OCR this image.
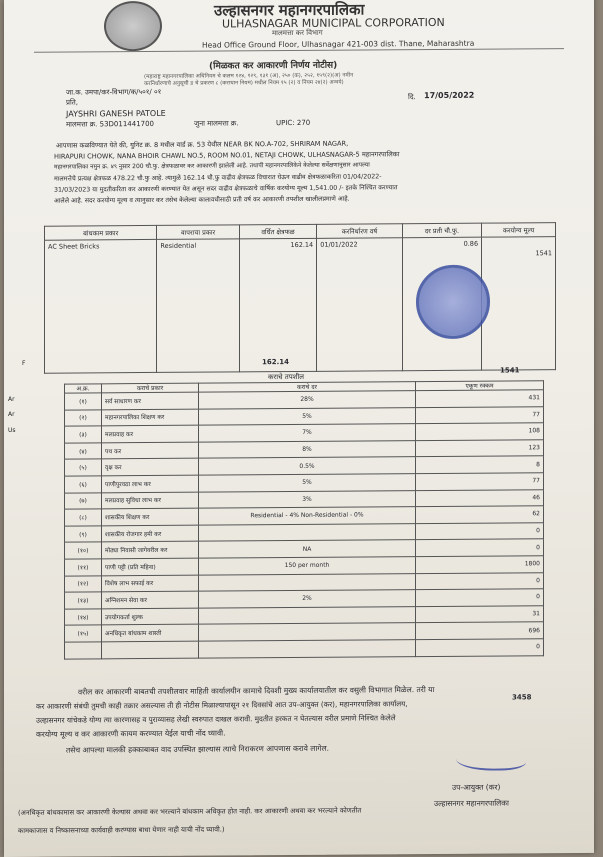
उल्हासनगर महानगरपालिका
ULHASNAGAR MUNICIPAL CORPORATION
मालमत्ता कर विभाग
Head Office Ground Floor, Ulhasnagar 421-003 dist. Thane, Maharashtra
(मिळकत कर आकारणी निर्णय नोटीस)
(महाराष्ट्र महानगरपालिका अधिनियम चे कलम १२४, १२९, १३१ (अ), २५० (क), २५२, १५९(२)(अ) नमीन
करनिर्धारणाचे अनुसूची ड चे प्रकरण ८ (कराधान नियम) मधील नियम १५ (२) व नियम २४(२) अन्वये)
जा.क. उमपा/कर-विभाग/क/५०१/ ०१
प्रति,
दि. 17/05/2022
JAYSHRI GANESH PATOLE
मालमत्ता क्र. 53D011441700	जुना मालमत्ता क्र.	UPIC: 270
आपणास कळविण्यात येते की, युनिट क्र. 8 मधील वार्ड क्र. 53 येथील NEAR BK NO.A-702, SHRIRAM NAGAR,
HIRAPURI CHOWK, NANA BHOIR CHAWL NO.5, ROOM NO.01, NETAJI CHOWK, ULHASNAGAR-5 महानगरपालिका
महानगरपालिका नमुन क्र. ४९ नुसार 200 चौ.फु. क्षेत्रफळावर कर आकारणी झालेली आहे. तथापी महानगरपालिकेने केलेल्या सर्वेक्षणानुसार आपल्या
मालमत्तेचे प्रत्यक्ष क्षेत्रफळ 478.22 चौ.फु आहे. त्यामुळे 162.14 चौ.फु वाढीव क्षेत्रफळ विचारात घेऊन वाढीव क्षेत्रफळाकरिता 01/04/2022-
31/03/2023 या मुदतीकरिता कर आकारणी करण्यात येत असून सदर वाढीव क्षेत्रफळाचे वार्षिक करयोग्य मूल्य 1,541.00 /- इतके निश्चित करण्यात
आलेले आहे. सदर करयोग्य मूल्य व त्यानुसार कर तसेच केलेल्या कालावधीसाठी प्रती वर्ष कर आकारणी तपशील खालीलप्रमाणे आहे.
बांधकाम प्रकार	वापराचा प्रकार	वर्धित क्षेत्रफळ	करनिर्धारण वर्ष	दर प्रती चौ.फु.	करयोग्य मूल्य
AC Sheet Bricks	Residential	162.14	01/01/2022	0.86	1541
162.14
1541
कराचे तपशील
अ.क्र.	कराचे प्रकार	कराचे दर	एकूण रक्कम
(१)	सर्व साधारण कर	28%	431
(२)	महानगरपालिका शिक्षण कर	5%	77
(३)	मलप्रवाह कर	7%	108
(४)	पथ कर	8%	123
(५)	वृक्ष कर	0.5%	8
(६)	पाणीपुरवठा लाभ कर	5%	77
(७)	मलप्रवाह सुविधा लाभ कर	3%	46
(८)	शासकीय शिक्षण कर	Residential - 4% Non-Residential - 0%	62
(९)	शासकीय रोजगार हमी कर		0
(१०)	मोठ्या निवासी जागेवरील कर	NA	0
(११)	पाणी पट्टी (प्रति महिना)	150 per month	1800
(१२)	विशेष लाभ सफाई कर		0
(१३)	अग्निशमन सेवा कर	2%	0
(१४)	उपयोगकर्ता शुल्क		31
(१५)	अनधिकृत बांधकाम शास्ती		696
			0
3458
वरील कर आकारणी बाबतची तपशीलवार माहिती कार्यालयीन कामाचे दिवशी मुख्य कार्यालयातील कर वसुली विभागात मिळेल. तरी या
कर आकारणी संबंधी तुमची काही तक्रार असल्यास ती ही नोटीस मिळाल्यापासून २१ दिवसांचे आत उप-आयुक्त (कर), महानगरपालिका कार्यालय,
उल्हासनगर यांचेकडे योग्य त्या कारणासह व पुराव्यासह लेखी स्वरुपात दाखल करावी. मुदतीत हरकत न घेतल्यास वरील प्रमाणे निश्चित केलेले
करयोग्य मूल्य व कर आकारणी कायम करण्यात येईल याची नोंद घ्यावी.
तसेच आपल्या मालकी हक्काबाबत वाद उपस्थित झाल्यास त्याचे निराकरण आपणास करावे लागेल.
उप-आयुक्त (कर)
उल्हासनगर महानगरपालिका
(अनधिकृत बांधकामास कर आकारणी केल्यास अथवा कर भरल्याने बांधकाम अधिकृत होत नाही. कर आकारणी अथवा कर भरल्याने कोणतीत
कामकाजास व निष्कासनाच्या कार्यवाही करण्यास बाधा येणार नाही याची नोंद घ्यावी.)
Ar
Ar
Us
F
